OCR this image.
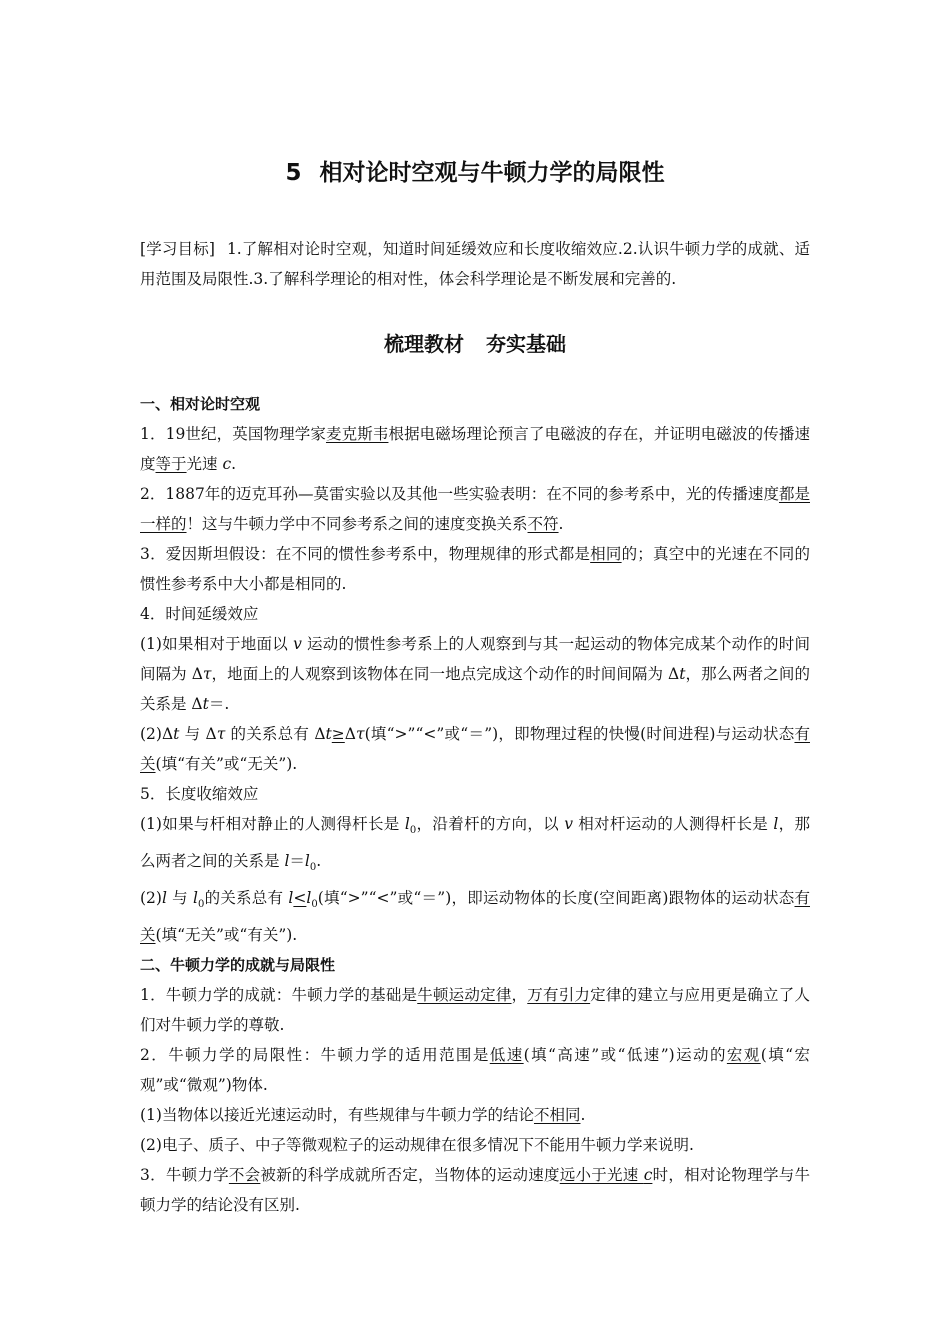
5 相对论时空观与牛顿力学的局限性
[学习目标] 1.了解相对论时空观，知道时间延缓效应和长度收缩效应.2.认识牛顿力学的成就、适用范围及局限性.3.了解科学理论的相对性，体会科学理论是不断发展和完善的.
梳理教材 夯实基础
一、相对论时空观

1．19世纪，英国物理学家麦克斯韦根据电磁场理论预言了电磁波的存在，并证明电磁波的传播速度等于光速 c.

2．1887年的迈克耳孙—莫雷实验以及其他一些实验表明：在不同的参考系中，光的传播速度都是一样的！这与牛顿力学中不同参考系之间的速度变换关系不符.

3．爱因斯坦假设：在不同的惯性参考系中，物理规律的形式都是相同的；真空中的光速在不同的惯性参考系中大小都是相同的.

4．时间延缓效应

(1)如果相对于地面以 v 运动的惯性参考系上的人观察到与其一起运动的物体完成某个动作的时间间隔为 Δτ，地面上的人观察到该物体在同一地点完成这个动作的时间间隔为 Δt，那么两者之间的关系是 Δt＝.

(2)Δt 与 Δτ 的关系总有 Δt≥Δτ(填“>”“<”或“＝”)，即物理过程的快慢(时间进程)与运动状态有关(填“有关”或“无关”).

5．长度收缩效应

(1)如果与杆相对静止的人测得杆长是 $l_0$，沿着杆的方向，以 v 相对杆运动的人测得杆长是 l，那么两者之间的关系是 $l=l_0$.

(2)l 与 $l_0$的关系总有 $l<l_0$(填“>”“<”或“＝”)，即运动物体的长度(空间距离)跟物体的运动状态有关(填“无关”或“有关”).

二、牛顿力学的成就与局限性

1．牛顿力学的成就：牛顿力学的基础是牛顿运动定律，万有引力定律的建立与应用更是确立了人们对牛顿力学的尊敬.

2．牛顿力学的局限性：牛顿力学的适用范围是低速(填“高速”或“低速”)运动的宏观(填“宏观”或“微观”)物体.

(1)当物体以接近光速运动时，有些规律与牛顿力学的结论不相同.

(2)电子、质子、中子等微观粒子的运动规律在很多情况下不能用牛顿力学来说明.

3．牛顿力学不会被新的科学成就所否定，当物体的运动速度远小于光速 c时，相对论物理学与牛顿力学的结论没有区别.
